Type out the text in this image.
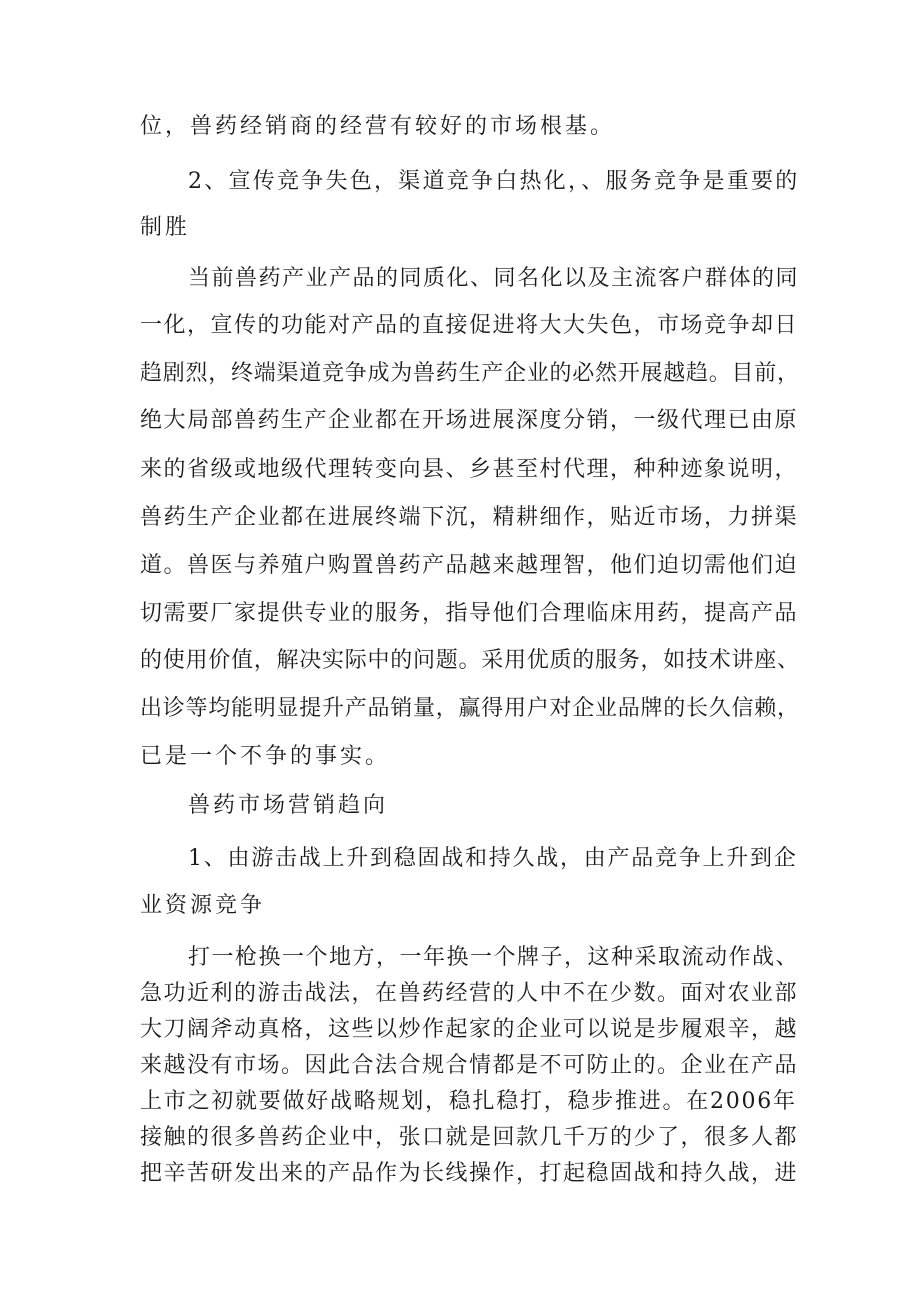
位，兽药经销商的经营有较好的市场根基。
2、宣传竞争失色，渠道竞争白热化，、服务竞争是重要的
制胜
当前兽药产业产品的同质化、同名化以及主流客户群体的同
一化，宣传的功能对产品的直接促进将大大失色，市场竞争却日
趋剧烈，终端渠道竞争成为兽药生产企业的必然开展越趋。目前，
绝大局部兽药生产企业都在开场进展深度分销，一级代理已由原
来的省级或地级代理转变向县、乡甚至村代理，种种迹象说明，
兽药生产企业都在进展终端下沉，精耕细作，贴近市场，力拼渠
道。兽医与养殖户购置兽药产品越来越理智，他们迫切需他们迫
切需要厂家提供专业的服务，指导他们合理临床用药，提高产品
的使用价值，解决实际中的问题。采用优质的服务，如技术讲座、
出诊等均能明显提升产品销量，赢得用户对企业品牌的长久信赖，
已是一个不争的事实。
兽药市场营销趋向
1、由游击战上升到稳固战和持久战，由产品竞争上升到企
业资源竞争
打一枪换一个地方，一年换一个牌子，这种采取流动作战、
急功近利的游击战法，在兽药经营的人中不在少数。面对农业部
大刀阔斧动真格，这些以炒作起家的企业可以说是步履艰辛，越
来越没有市场。因此合法合规合情都是不可防止的。企业在产品
上市之初就要做好战略规划，稳扎稳打，稳步推进。在2006年
接触的很多兽药企业中，张口就是回款几千万的少了，很多人都
把辛苦研发出来的产品作为长线操作，打起稳固战和持久战，进
